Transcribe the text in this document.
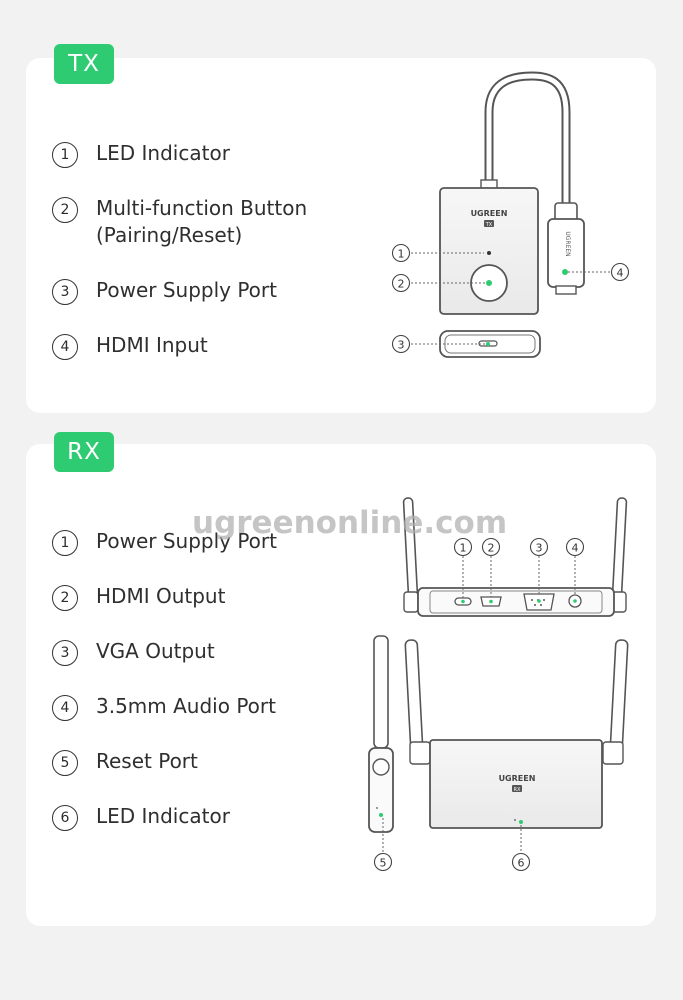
TX
RX
1	LED Indicator
2	Multi-function Button
(Pairing/Reset)
3	Power Supply Port
4	HDMI Input
1	Power Supply Port
2	HDMI Output
3	VGA Output
4	3.5mm Audio Port
5	Reset Port
6	LED Indicator
UGREEN
UGREEN
TX
1
2
3
4
1 2	3	4
5
UGREEN
RX
6
ugreenonline.com
